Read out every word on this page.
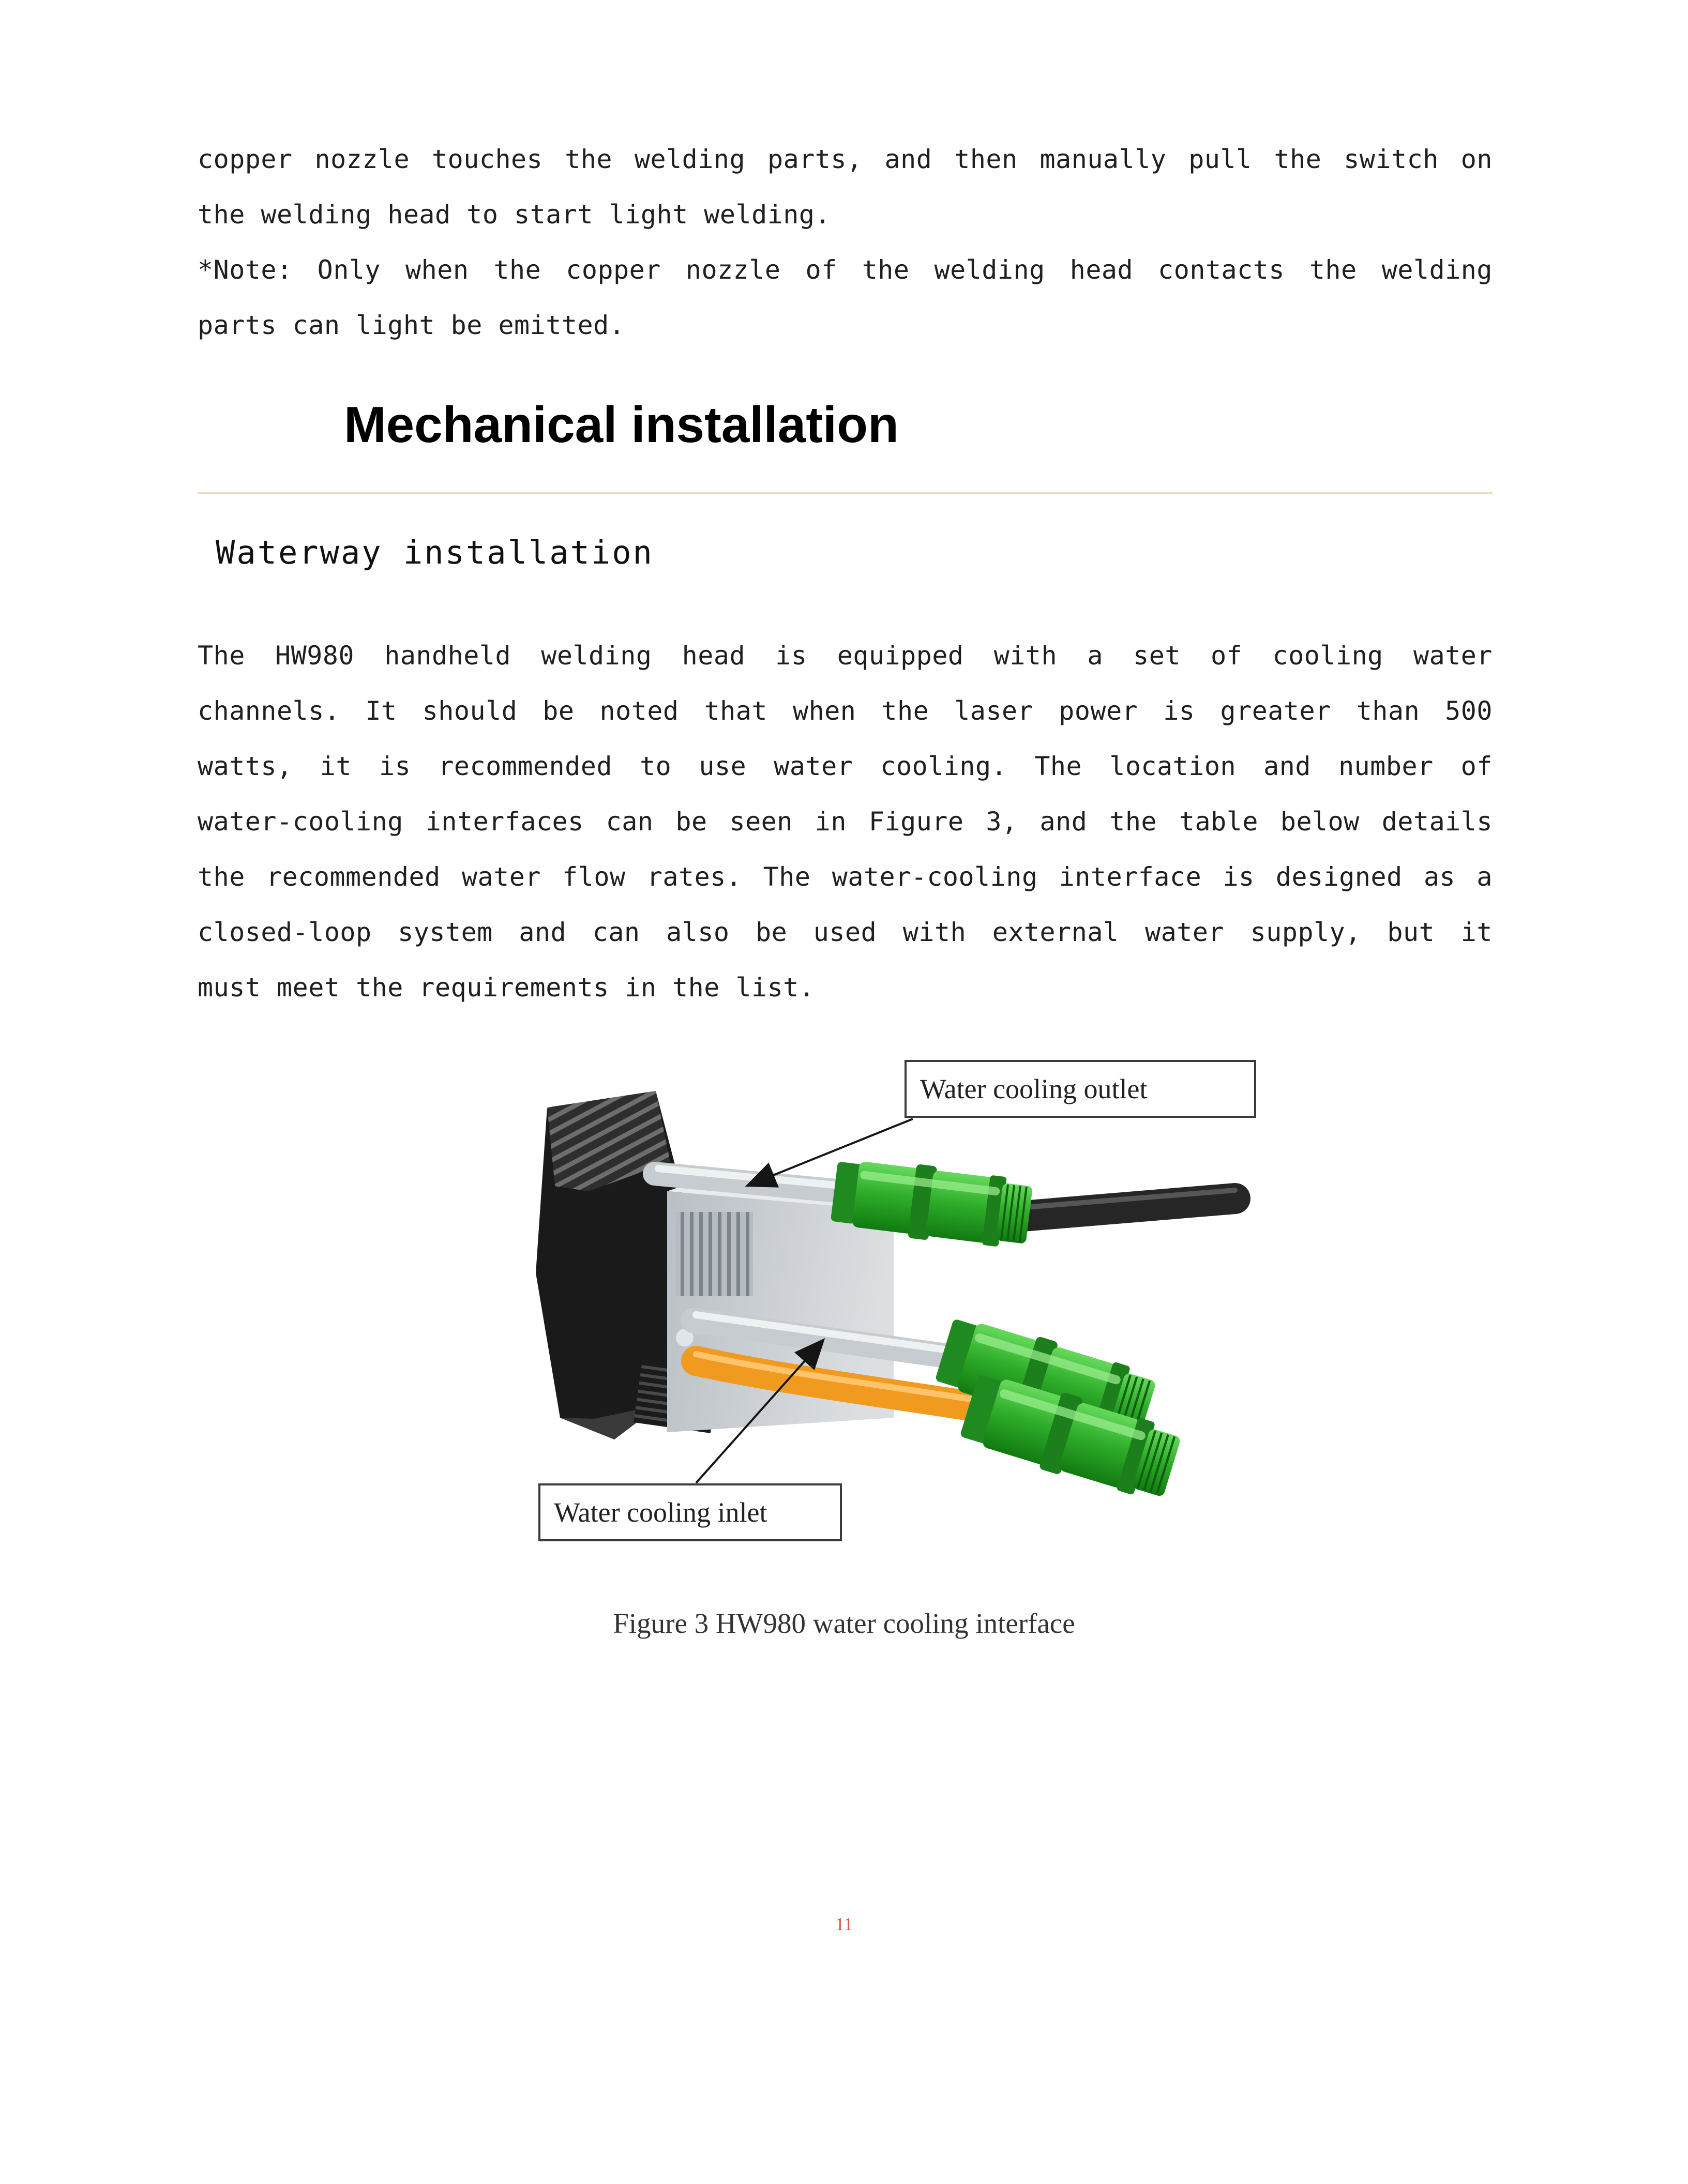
copper nozzle touches the welding parts, and then manually pull the switch on
the welding head to start light welding.
*Note: Only when the copper nozzle of the welding head contacts the welding
parts can light be emitted.
Mechanical installation
Waterway installation
The HW980 handheld welding head is equipped with a set of cooling water
channels. It should be noted that when the laser power is greater than 500
watts, it is recommended to use water cooling. The location and number of
water-cooling interfaces can be seen in Figure 3, and the table below details
the recommended water flow rates. The water-cooling interface is designed as a
closed-loop system and can also be used with external water supply, but it
must meet the requirements in the list.
Water cooling outlet
Water cooling inlet
Figure 3 HW980 water cooling interface
11
